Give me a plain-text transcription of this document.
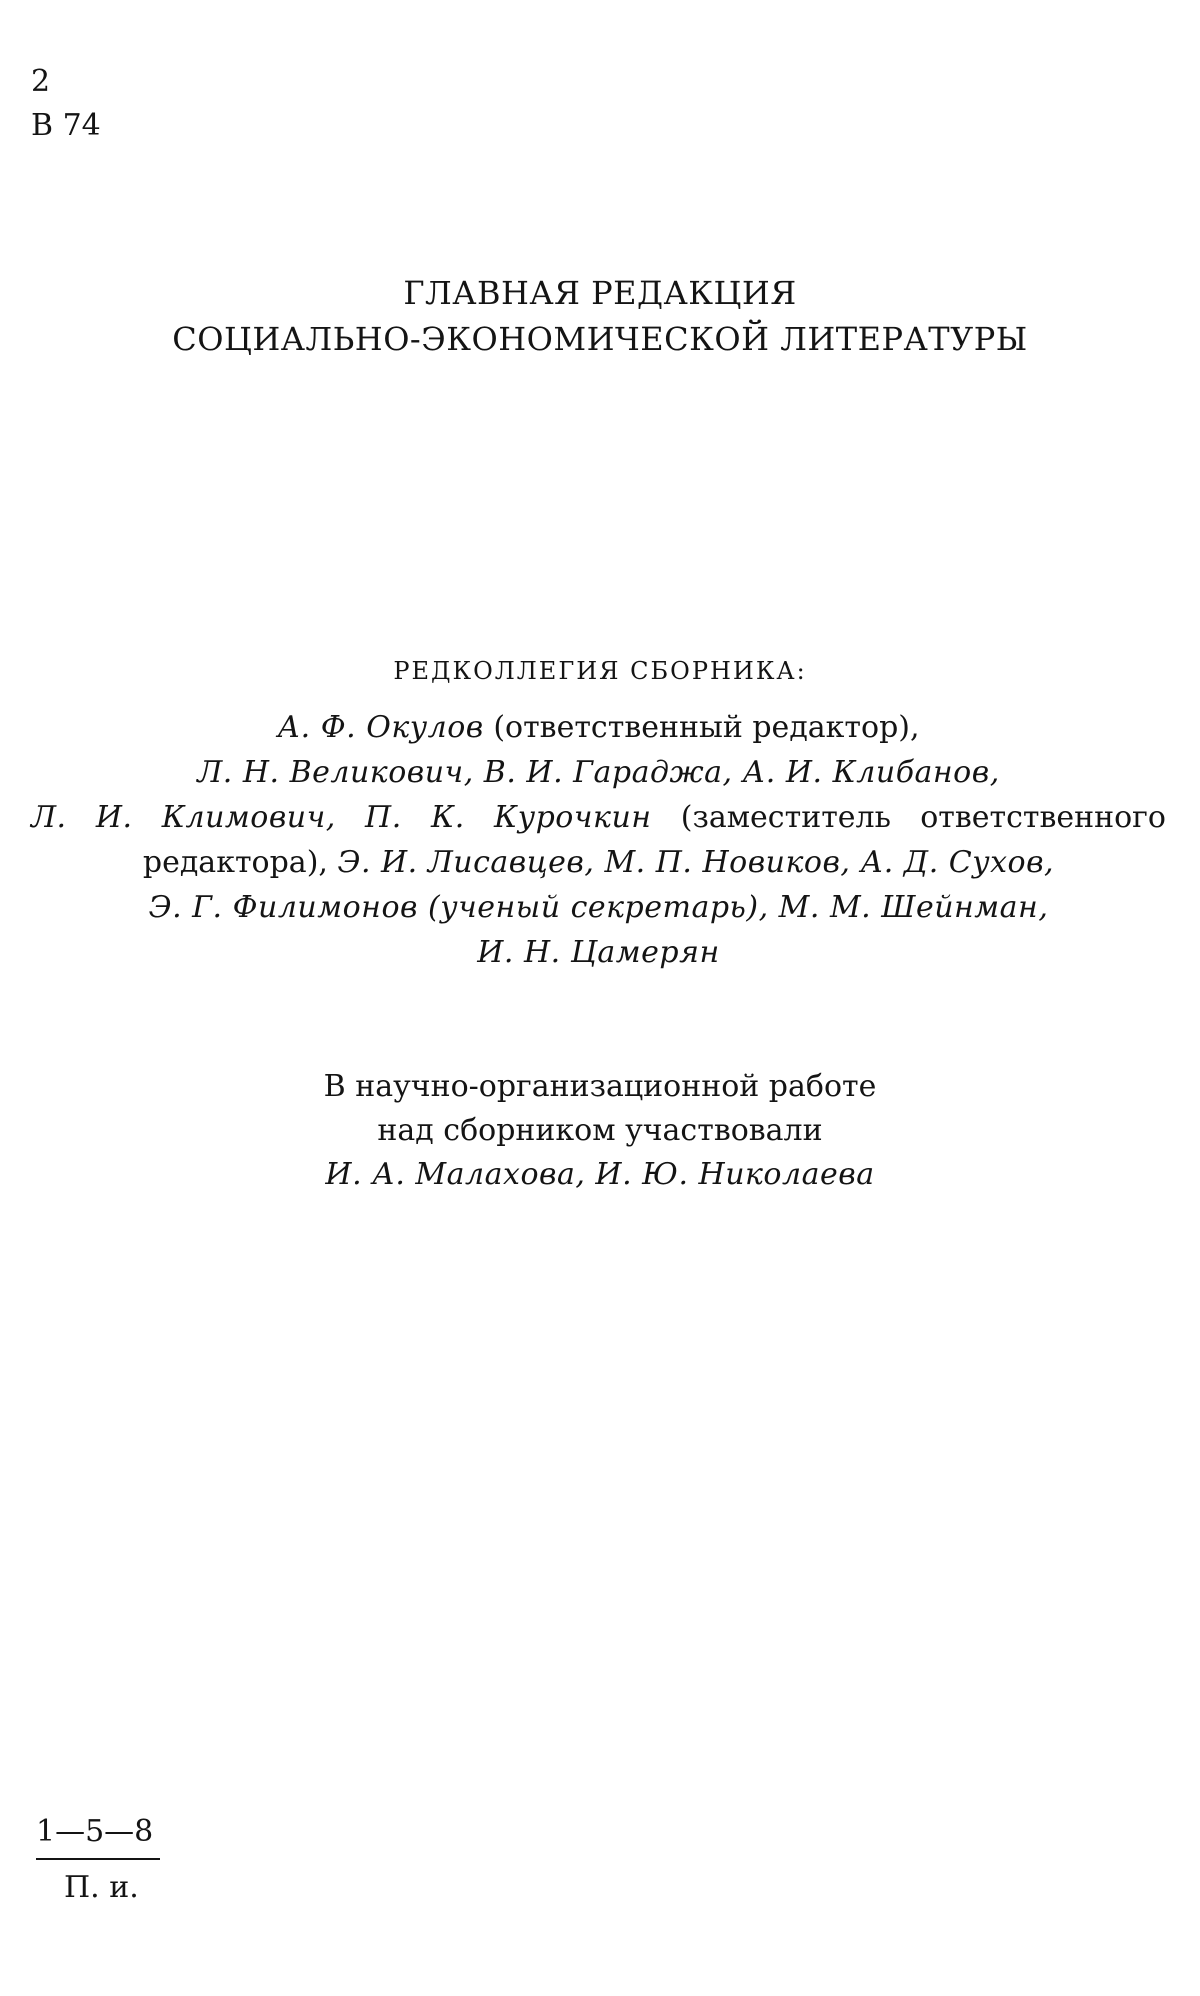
2
В 74
ГЛАВНАЯ РЕДАКЦИЯ
СОЦИАЛЬНО-ЭКОНОМИЧЕСКОЙ ЛИТЕРАТУРЫ
РЕДКОЛЛЕГИЯ СБОРНИКА:
А. Ф. Окулов (ответственный редактор),
Л. Н. Великович, В. И. Гараджа, А. И. Клибанов,
Л. И. Климович, П. К. Курочкин (заместитель ответственного
редактора), Э. И. Лисавцев, М. П. Новиков, А. Д. Сухов,
Э. Г. Филимонов (ученый секретарь), М. М. Шейнман,
И. Н. Цамерян
В научно-организационной работе
над сборником участвовали
И. А. Малахова, И. Ю. Николаева
1—5—8
П. и.
